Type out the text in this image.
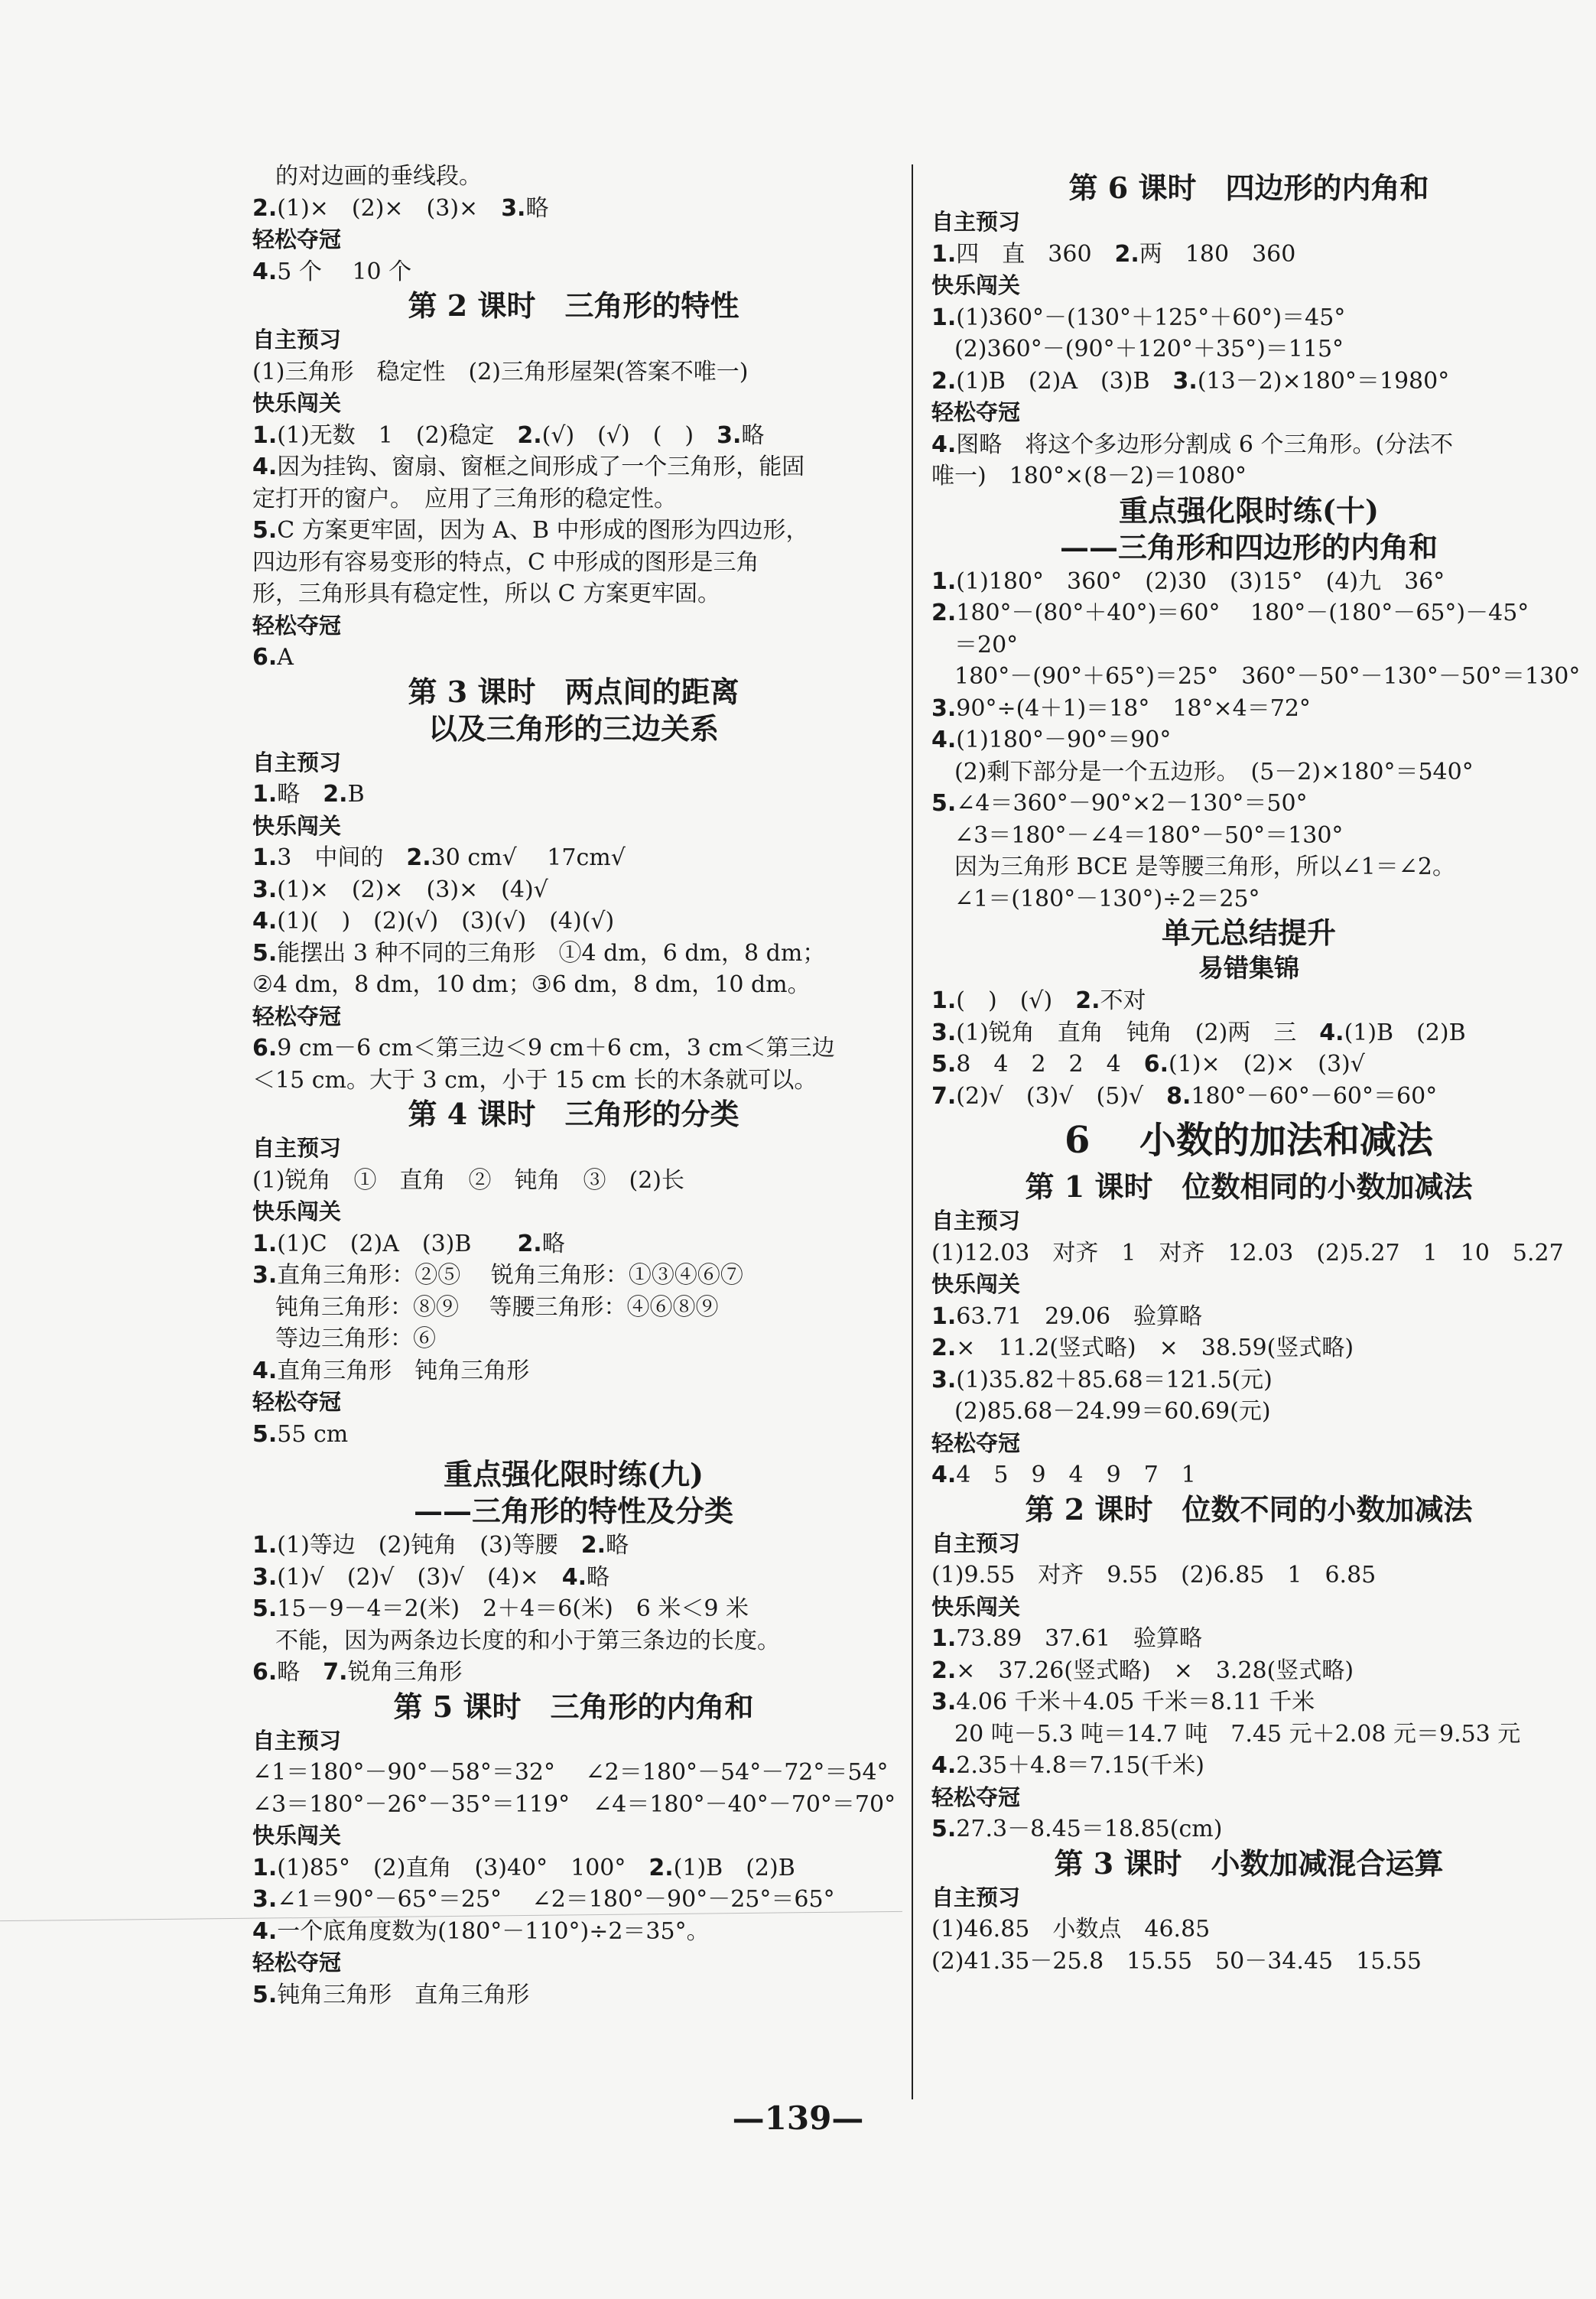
的对边画的垂线段。
2.(1)×　(2)×　(3)×　3.略
轻松夺冠
4.5 个　 10 个
第 2 课时　三角形的特性
自主预习
(1)三角形　稳定性　(2)三角形屋架(答案不唯一)
快乐闯关
1.(1)无数　1　(2)稳定　2.(√)　(√)　(　)　3.略
4.因为挂钩、窗扇、窗框之间形成了一个三角形，能固
定打开的窗户。　应用了三角形的稳定性。
5.C 方案更牢固，因为 A、B 中形成的图形为四边形，
四边形有容易变形的特点，C 中形成的图形是三角
形，三角形具有稳定性，所以 C 方案更牢固。
轻松夺冠
6.A
第 3 课时　两点间的距离
以及三角形的三边关系
自主预习
1.略　2.B
快乐闯关
1.3　中间的　2.30 cm√　 17cm√
3.(1)×　(2)×　(3)×　(4)√
4.(1)(　)　(2)(√)　(3)(√)　(4)(√)
5.能摆出 3 种不同的三角形　①4 dm，6 dm，8 dm；
②4 dm，8 dm，10 dm；③6 dm，8 dm，10 dm。
轻松夺冠
6.9 cm－6 cm＜第三边＜9 cm＋6 cm，3 cm＜第三边
＜15 cm。大于 3 cm，小于 15 cm 长的木条就可以。
第 4 课时　三角形的分类
自主预习
(1)锐角　①　直角　②　钝角　③　(2)长
快乐闯关
1.(1)C　(2)A　(3)B　　2.略
3.直角三角形：②⑤　 锐角三角形：①③④⑥⑦
钝角三角形：⑧⑨　 等腰三角形：④⑥⑧⑨
等边三角形：⑥
4.直角三角形　钝角三角形
轻松夺冠
5.55 cm
重点强化限时练(九)
——三角形的特性及分类
1.(1)等边　(2)钝角　(3)等腰　2.略
3.(1)√　(2)√　(3)√　(4)×　4.略
5.15－9－4＝2(米)　2＋4＝6(米)　6 米＜9 米
不能，因为两条边长度的和小于第三条边的长度。
6.略　7.锐角三角形
第 5 课时　三角形的内角和
自主预习
∠1＝180°－90°－58°＝32°　 ∠2＝180°－54°－72°＝54°
∠3＝180°－26°－35°＝119°　∠4＝180°－40°－70°＝70°
快乐闯关
1.(1)85°　(2)直角　(3)40°　100°　2.(1)B　(2)B
3.∠1＝90°－65°＝25°　 ∠2＝180°－90°－25°＝65°
4.一个底角度数为(180°－110°)÷2＝35°。
轻松夺冠
5.钝角三角形　直角三角形
第 6 课时　四边形的内角和
自主预习
1.四　直　360　2.两　180　360
快乐闯关
1.(1)360°－(130°＋125°＋60°)＝45°
(2)360°－(90°＋120°＋35°)＝115°
2.(1)B　(2)A　(3)B　3.(13－2)×180°＝1980°
轻松夺冠
4.图略　将这个多边形分割成 6 个三角形。(分法不
唯一)　180°×(8－2)＝1080°
重点强化限时练(十)
——三角形和四边形的内角和
1.(1)180°　360°　(2)30　(3)15°　(4)九　36°
2.180°－(80°＋40°)＝60°　 180°－(180°－65°)－45°
＝20°
180°－(90°＋65°)＝25°　360°－50°－130°－50°＝130°
3.90°÷(4＋1)＝18°　18°×4＝72°
4.(1)180°－90°＝90°
(2)剩下部分是一个五边形。　(5－2)×180°＝540°
5.∠4＝360°－90°×2－130°＝50°
∠3＝180°－∠4＝180°－50°＝130°
因为三角形 BCE 是等腰三角形，所以∠1＝∠2。
∠1＝(180°－130°)÷2＝25°
单元总结提升
易错集锦
1.(　)　(√)　2.不对
3.(1)锐角　直角　钝角　(2)两　三　4.(1)B　(2)B
5.8　4　2　2　4　6.(1)×　(2)×　(3)√
7.(2)√　(3)√　(5)√　8.180°－60°－60°＝60°
6　 小数的加法和减法
第 1 课时　位数相同的小数加减法
自主预习
(1)12.03　对齐　1　对齐　12.03　(2)5.27　1　10　5.27
快乐闯关
1.63.71　29.06　验算略
2.×　11.2(竖式略)　×　38.59(竖式略)
3.(1)35.82＋85.68＝121.5(元)
(2)85.68－24.99＝60.69(元)
轻松夺冠
4.4　5　9　4　9　7　1
第 2 课时　位数不同的小数加减法
自主预习
(1)9.55　对齐　9.55　(2)6.85　1　6.85
快乐闯关
1.73.89　37.61　验算略
2.×　37.26(竖式略)　×　3.28(竖式略)
3.4.06 千米＋4.05 千米＝8.11 千米
20 吨－5.3 吨＝14.7 吨　7.45 元＋2.08 元＝9.53 元
4.2.35＋4.8＝7.15(千米)
轻松夺冠
5.27.3－8.45＝18.85(cm)
第 3 课时　小数加减混合运算
自主预习
(1)46.85　小数点　46.85
(2)41.35－25.8　15.55　50－34.45　15.55
—139—
